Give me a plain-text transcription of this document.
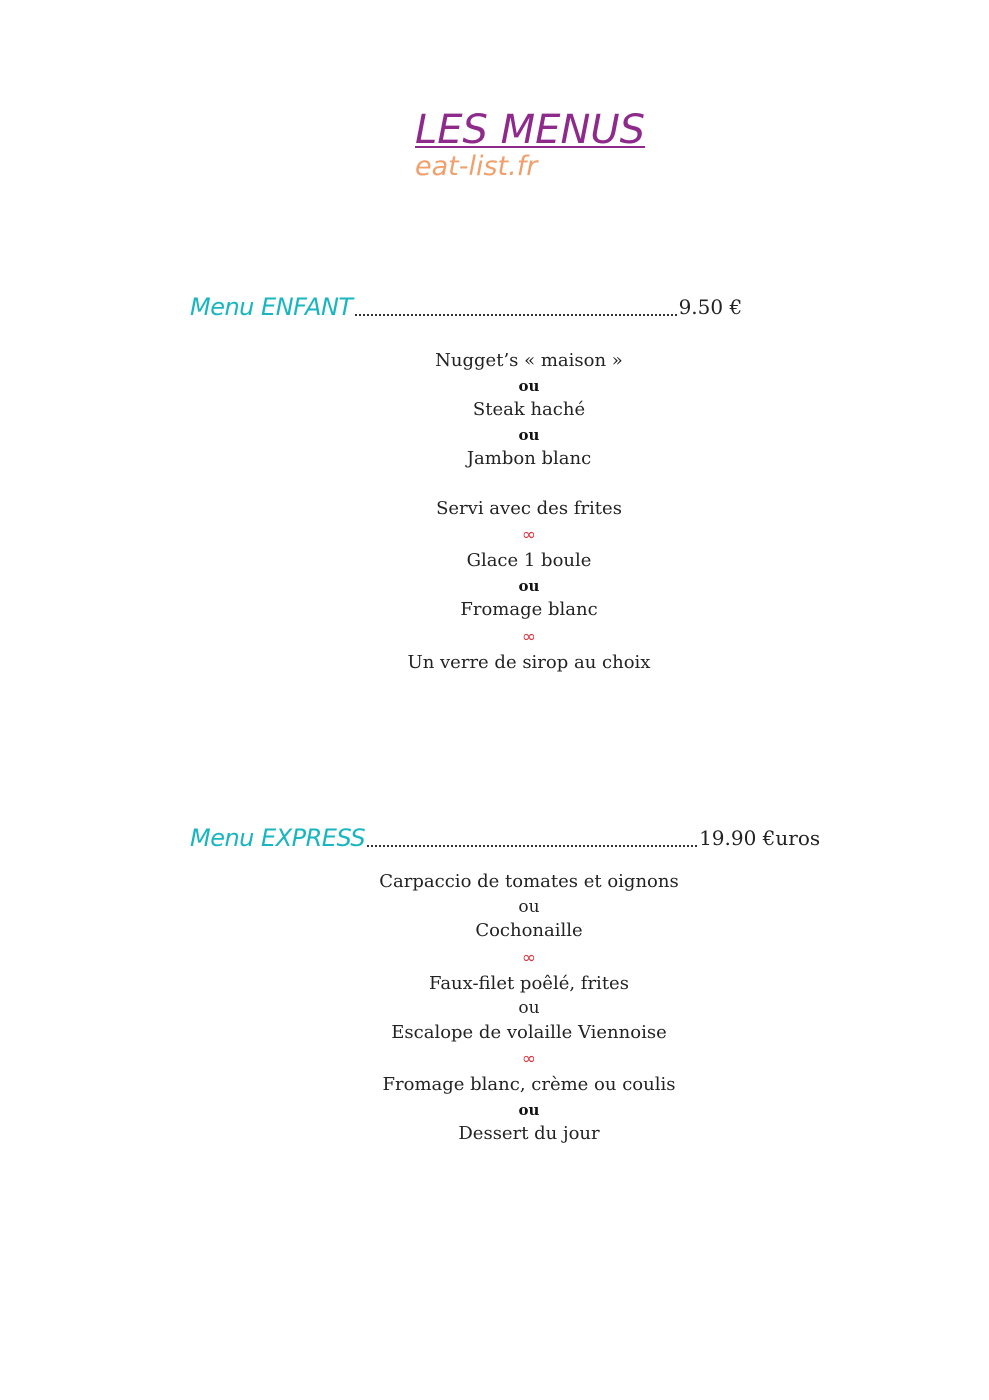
LES MENUS
eat-list.fr
Menu ENFANT	9.50 €
Nugget’s « maison »
ou
Steak haché
ou
Jambon blanc
Servi avec des frites
∞
Glace 1 boule
ou
Fromage blanc
∞
Un verre de sirop au choix
Menu EXPRESS	19.90 €uros
Carpaccio de tomates et oignons
ou
Cochonaille
∞
Faux-filet poêlé, frites
ou
Escalope de volaille Viennoise
∞
Fromage blanc, crème ou coulis
ou
Dessert du jour
